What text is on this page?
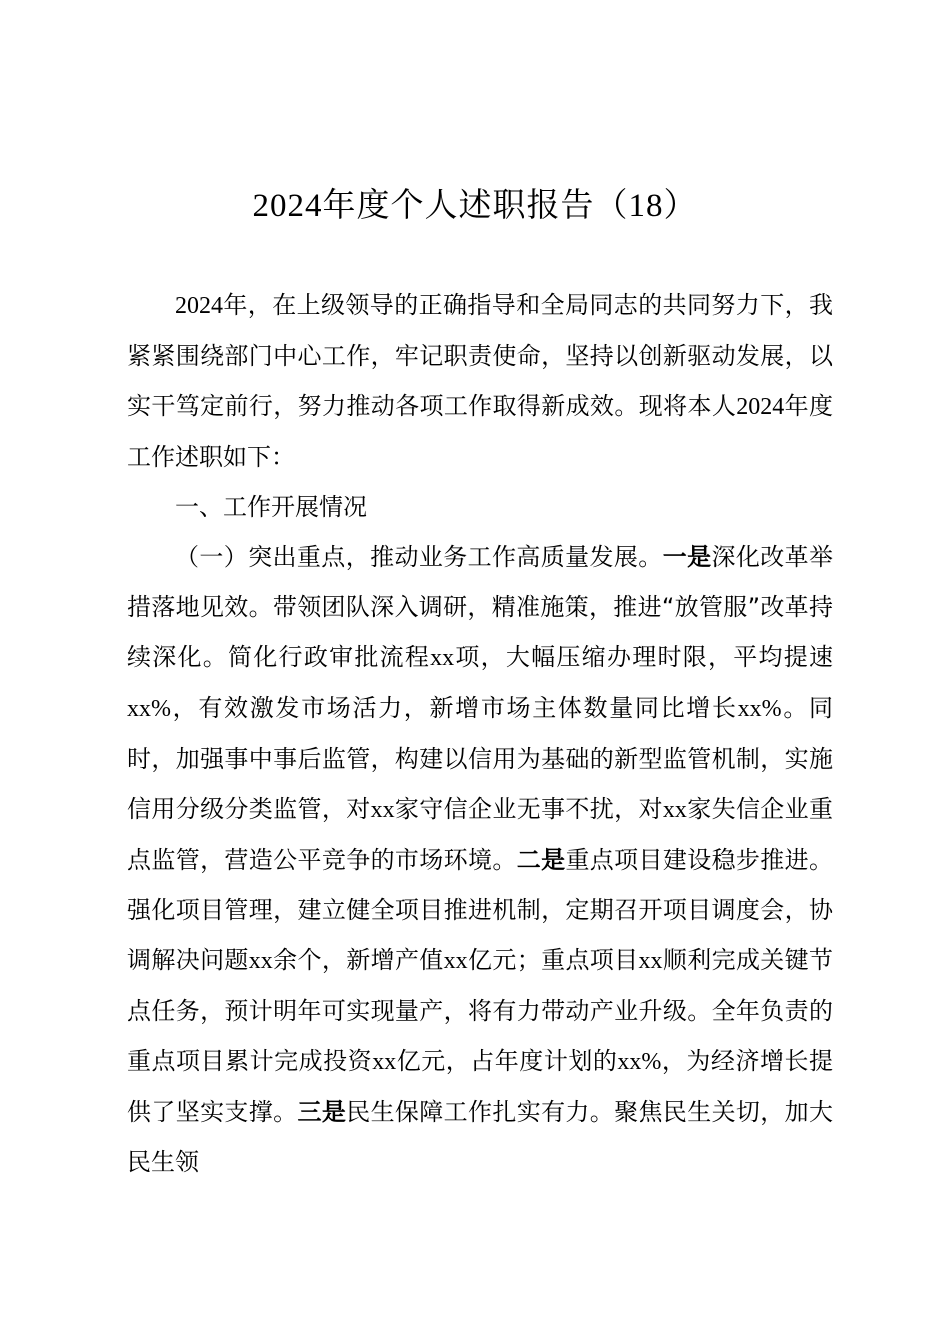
2024年度个人述职报告（18）

2024年，在上级领导的正确指导和全局同志的共同努力下，我紧紧围绕部门中心工作，牢记职责使命，坚持以创新驱动发展，以实干笃定前行，努力推动各项工作取得新成效。现将本人2024年度工作述职如下：

一、工作开展情况

（一）突出重点，推动业务工作高质量发展。一是深化改革举措落地见效。带领团队深入调研，精准施策，推进“放管服”改革持续深化。简化行政审批流程xx项，大幅压缩办理时限，平均提速xx%，有效激发市场活力，新增市场主体数量同比增长xx%。同时，加强事中事后监管，构建以信用为基础的新型监管机制，实施信用分级分类监管，对xx家守信企业无事不扰，对xx家失信企业重点监管，营造公平竞争的市场环境。二是重点项目建设稳步推进。强化项目管理，建立健全项目推进机制，定期召开项目调度会，协调解决问题xx余个，新增产值xx亿元；重点项目xx顺利完成关键节点任务，预计明年可实现量产，将有力带动产业升级。全年负责的重点项目累计完成投资xx亿元，占年度计划的xx%，为经济增长提供了坚实支撑。三是民生保障工作扎实有力。聚焦民生关切，加大民生领
